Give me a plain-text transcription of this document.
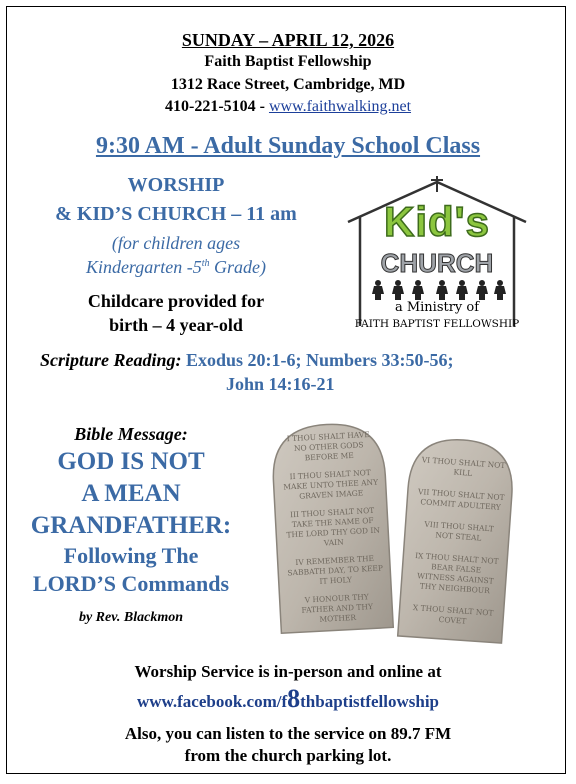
SUNDAY – APRIL 12, 2026
Faith Baptist Fellowship
1312 Race Street, Cambridge, MD
410-221-5104 - www.faithwalking.net
9:30 AM - Adult Sunday School Class
WORSHIP
& KID’S CHURCH – 11 am
(for children ages
Kindergarten -5th Grade)
Childcare provided for
birth – 4 year-old
Kid's
CHURCH
a Ministry of
FAITH BAPTIST FELLOWSHIP
Scripture Reading: Exodus 20:1-6; Numbers 33:50-56;
John 14:16-21
Bible Message:
GOD IS NOT
A MEAN
GRANDFATHER:
Following The
LORD’S Commands
by Rev. Blackmon
I THOU SHALT HAVE NO OTHER GODS BEFORE ME
II THOU SHALT NOT MAKE UNTO THEE ANY GRAVEN IMAGE
III THOU SHALT NOT TAKE THE NAME OF THE LORD THY GOD IN VAIN
IV REMEMBER THE SABBATH DAY, TO KEEP IT HOLY
V HONOUR THY FATHER AND THY MOTHER
VI THOU SHALT NOT KILL
VII THOU SHALT NOT COMMIT ADULTERY
VIII THOU SHALT NOT STEAL
IX THOU SHALT NOT BEAR FALSE WITNESS AGAINST THY NEIGHBOUR
X THOU SHALT NOT COVET
Worship Service is in-person and online at
www.facebook.com/f8thbaptistfellowship
Also, you can listen to the service on 89.7 FM
from the church parking lot.
